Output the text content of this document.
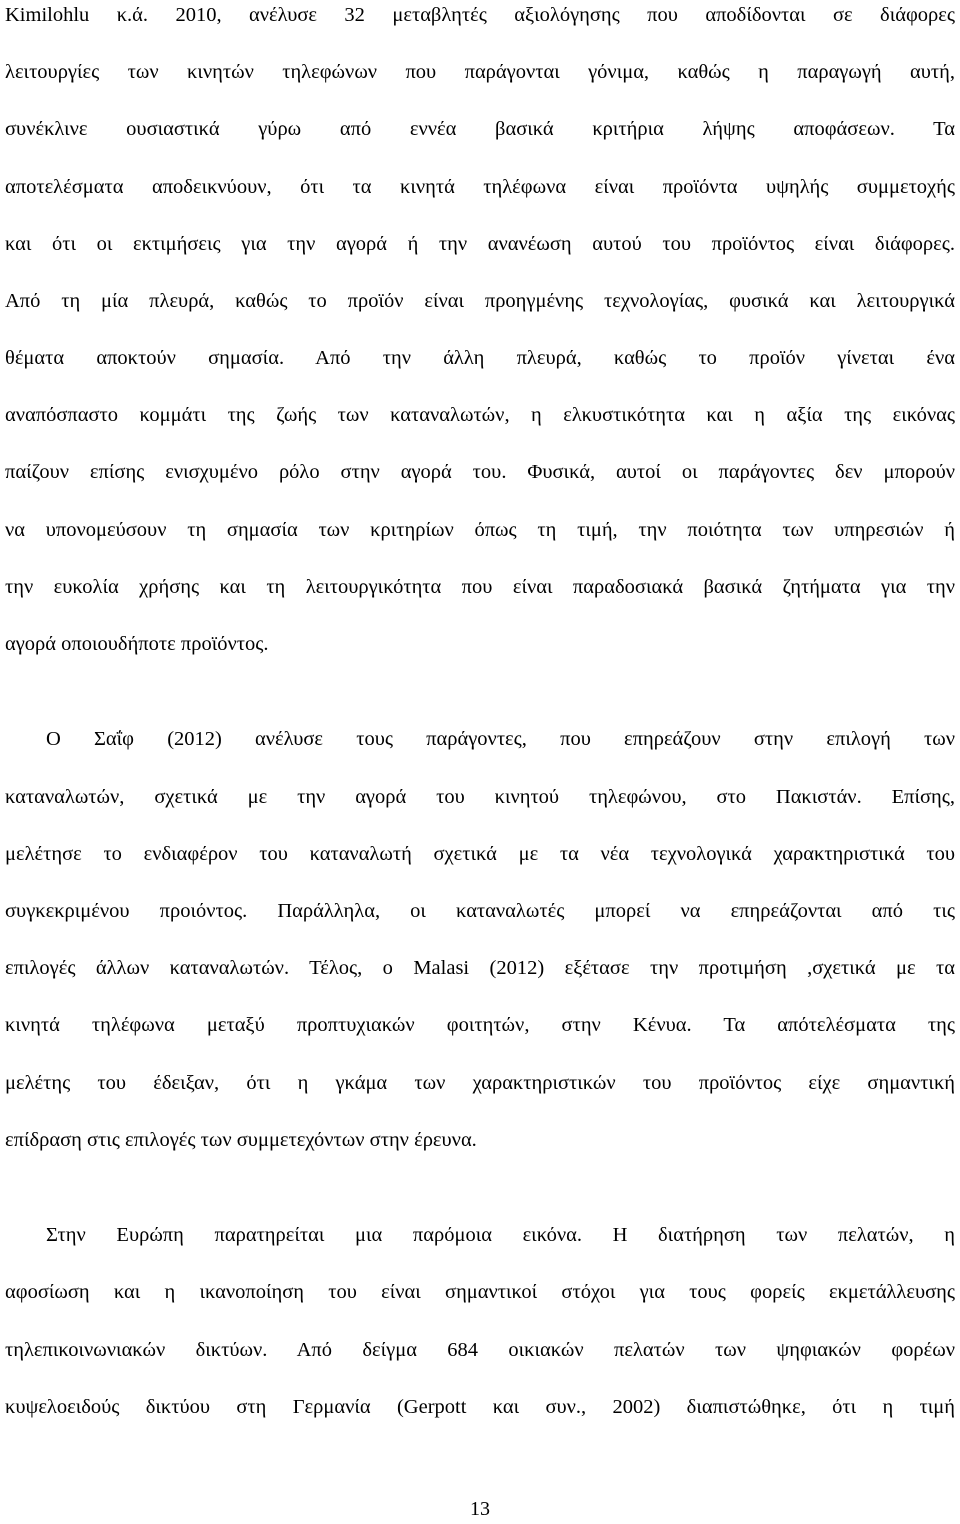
Kimilohlu κ.ά. 2010, ανέλυσε 32 μεταβλητές αξιολόγησης που αποδίδονται σε διάφορες
λειτουργίες των κινητών τηλεφώνων που παράγονται γόνιμα, καθώς η παραγωγή αυτή,
συνέκλινε ουσιαστικά γύρω από εννέα βασικά κριτήρια λήψης αποφάσεων. Τα
αποτελέσματα αποδεικνύουν, ότι τα κινητά τηλέφωνα είναι προϊόντα υψηλής συμμετοχής
και ότι οι εκτιμήσεις για την αγορά ή την ανανέωση αυτού του προϊόντος είναι διάφορες.
Από τη μία πλευρά, καθώς το προϊόν είναι προηγμένης τεχνολογίας, φυσικά και λειτουργικά
θέματα αποκτούν σημασία. Από την άλλη πλευρά, καθώς το προϊόν γίνεται ένα
αναπόσπαστο κομμάτι της ζωής των καταναλωτών, η ελκυστικότητα και η αξία της εικόνας
παίζουν επίσης ενισχυμένο ρόλο στην αγορά του. Φυσικά, αυτοί οι παράγοντες δεν μπορούν
να υπονομεύσουν τη σημασία των κριτηρίων όπως τη τιμή, την ποιότητα των υπηρεσιών ή
την ευκολία χρήσης και τη λειτουργικότητα που είναι παραδοσιακά βασικά ζητήματα για την
αγορά οποιουδήποτε προϊόντος.
Ο Σαΐφ (2012) ανέλυσε τους παράγοντες, που επηρεάζουν στην επιλογή των
καταναλωτών, σχετικά με την αγορά του κινητού τηλεφώνου, στο Πακιστάν. Επίσης,
μελέτησε το ενδιαφέρον του καταναλωτή σχετικά με τα νέα τεχνολογικά χαρακτηριστικά του
συγκεκριμένου προιόντος. Παράλληλα, οι καταναλωτές μπορεί να επηρεάζονται από τις
επιλογές άλλων καταναλωτών. Τέλος, ο Malasi (2012) εξέτασε την προτιμήση ,σχετικά με τα
κινητά τηλέφωνα μεταξύ προπτυχιακών φοιτητών, στην Κένυα. Τα απότελέσματα της
μελέτης του έδειξαν, ότι η γκάμα των χαρακτηριστικών του προϊόντος είχε σημαντική
επίδραση στις επιλογές των συμμετεχόντων στην έρευνα.
Στην Ευρώπη παρατηρείται μια παρόμοια εικόνα. Η διατήρηση των πελατών, η
αφοσίωση και η ικανοποίηση του είναι σημαντικοί στόχοι για τους φορείς εκμετάλλευσης
τηλεπικοινωνιακών δικτύων. Από δείγμα 684 οικιακών πελατών των ψηφιακών φορέων
κυψελοειδούς δικτύου στη Γερμανία (Gerpott και συν., 2002) διαπιστώθηκε, ότι η τιμή
13
